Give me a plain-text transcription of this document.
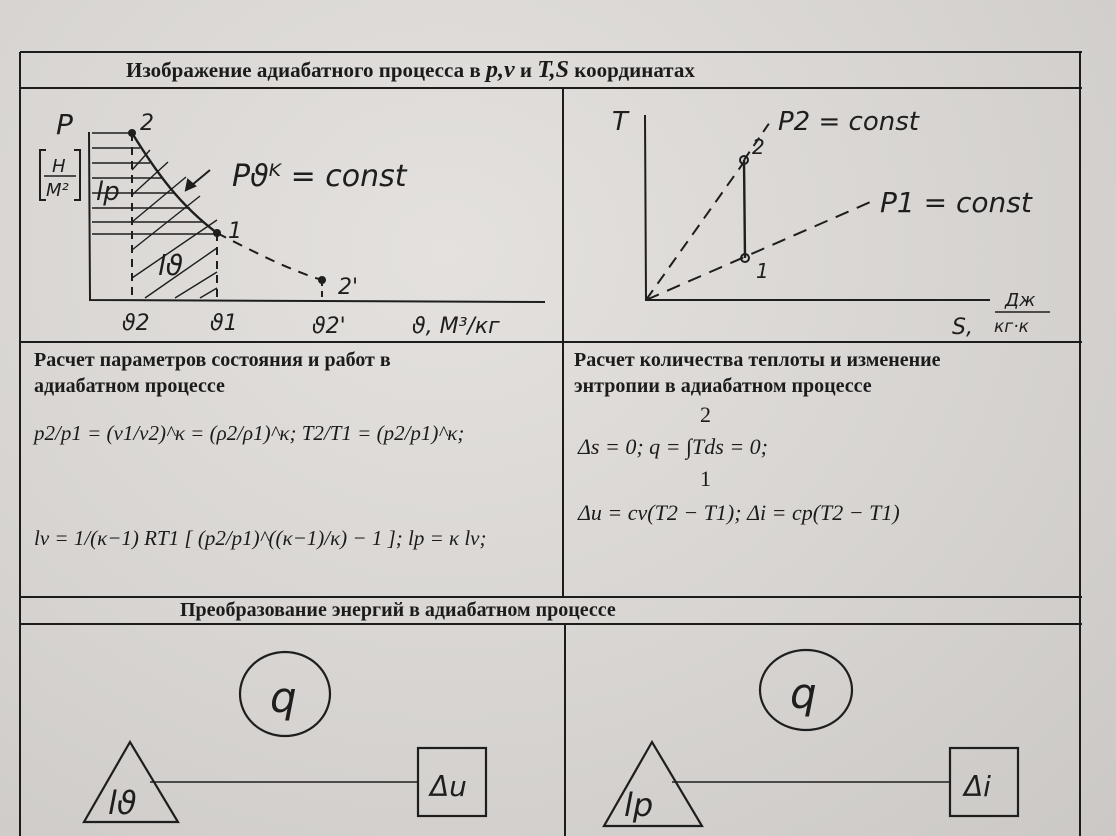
Изображение адиабатного процесса в p,v и T,S координатах
P
H
M²
2
1
2'
Pϑᴷ = const
lp
lϑ
ϑ2	ϑ1	ϑ2'	ϑ, M³/кг
T
2
1
P2 = const
P1 = const
S,
Дж
кг·к
Расчет параметров состояния и работ в
адиабатном процессе
p2/p1 = (v1/v2)^κ = (ρ2/ρ1)^κ; T2/T1 = (p2/p1)^κ;
lv = 1/(κ−1) RT1 [ (p2/p1)^((κ−1)/κ) − 1 ]; lp = κ lv;
Расчет количества теплоты и изменение
энтропии в адиабатном процессе
2
Δs = 0; q = ∫Tds = 0;
1
Δu = cv(T2 − T1); Δi = cp(T2 − T1)
Преобразование энергий в адиабатном процессе
q
lϑ	Δu
q
lp	Δi
